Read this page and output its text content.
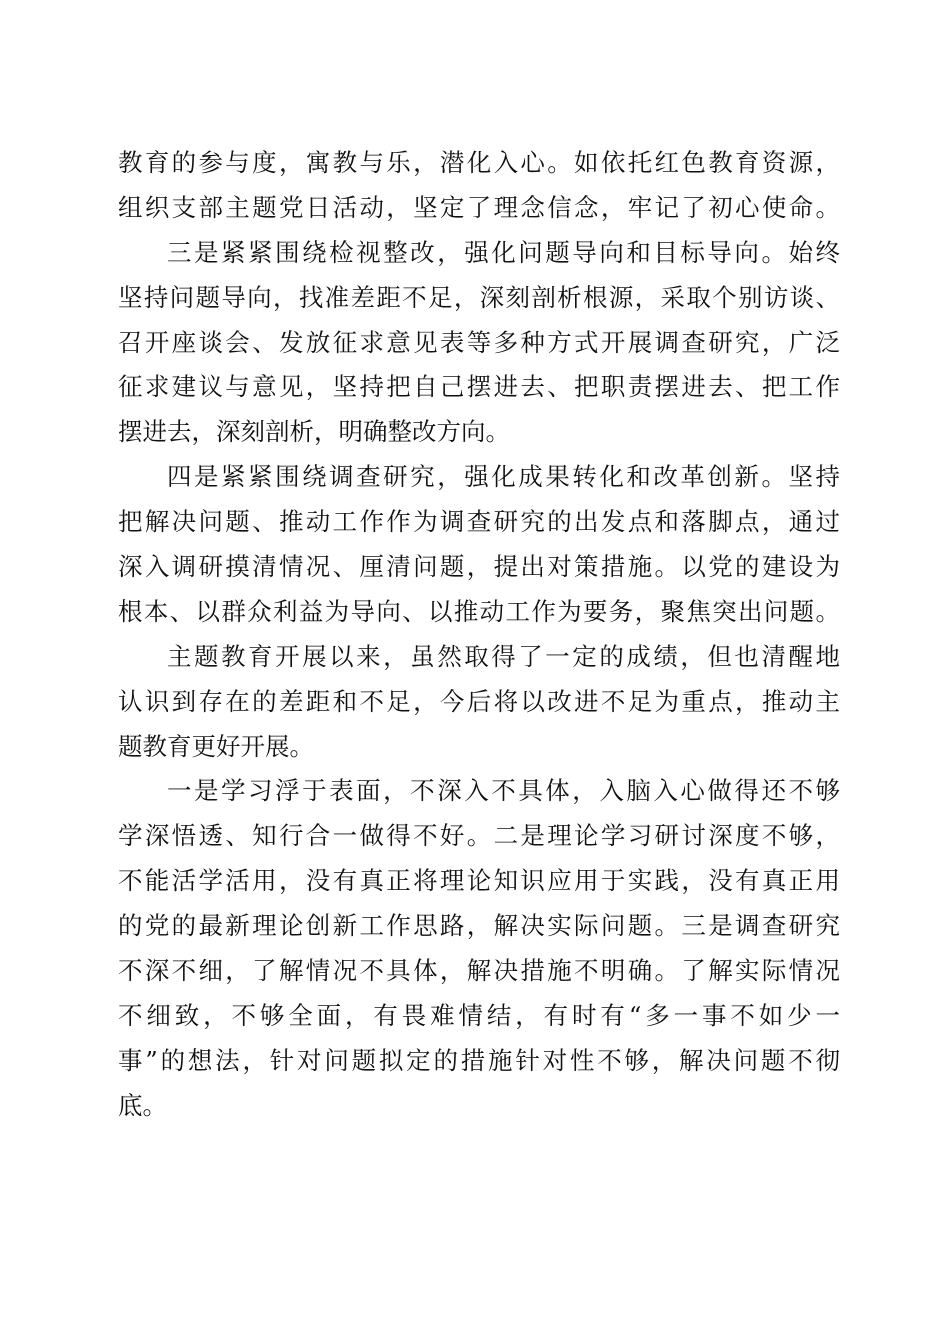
教育的参与度，寓教与乐，潜化入心。如依托红色教育资源，
组织支部主题党日活动，坚定了理念信念，牢记了初心使命。
三是紧紧围绕检视整改，强化问题导向和目标导向。始终
坚持问题导向，找准差距不足，深刻剖析根源，采取个别访谈、
召开座谈会、发放征求意见表等多种方式开展调查研究，广泛
征求建议与意见，坚持把自己摆进去、把职责摆进去、把工作
摆进去，深刻剖析，明确整改方向。
四是紧紧围绕调查研究，强化成果转化和改革创新。坚持
把解决问题、推动工作作为调查研究的出发点和落脚点，通过
深入调研摸清情况、厘清问题，提出对策措施。以党的建设为
根本、以群众利益为导向、以推动工作为要务，聚焦突出问题。
主题教育开展以来，虽然取得了一定的成绩，但也清醒地
认识到存在的差距和不足，今后将以改进不足为重点，推动主
题教育更好开展。
一是学习浮于表面，不深入不具体，入脑入心做得还不够
学深悟透、知行合一做得不好。二是理论学习研讨深度不够，
不能活学活用，没有真正将理论知识应用于实践，没有真正用
的党的最新理论创新工作思路，解决实际问题。三是调查研究
不深不细，了解情况不具体，解决措施不明确。了解实际情况
不细致，不够全面，有畏难情结，有时有“多一事不如少一
事”的想法，针对问题拟定的措施针对性不够，解决问题不彻
底。
